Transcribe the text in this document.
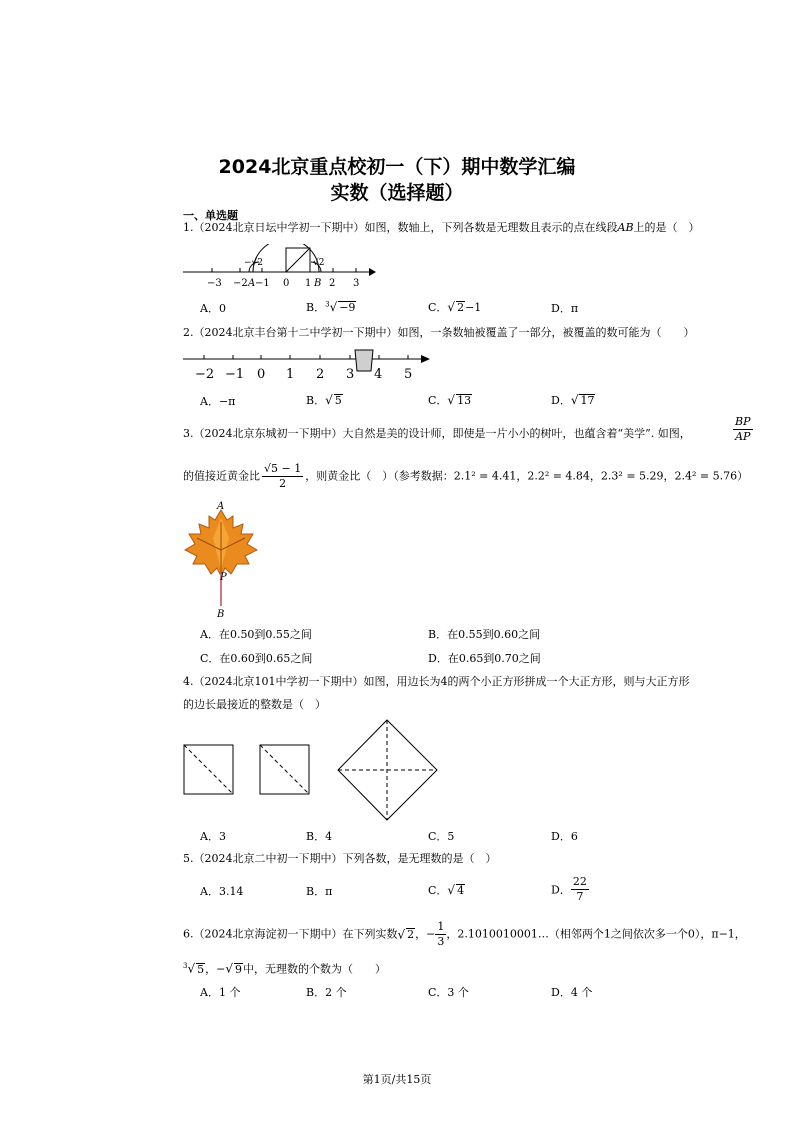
2024北京重点校初一（下）期中数学汇编
实数（选择题）
一、单选题
1.（2024北京日坛中学初一下期中）如图，数轴上，下列各数是无理数且表示的点在线段AB上的是（　）
−√2	√2
−3 −2 A −1 0 1 B 2 3
A．0	B．$^3$√ −9	C．√ 2−1	D．π
2.（2024北京丰台第十二中学初一下期中）如图，一条数轴被覆盖了一部分，被覆盖的数可能为（　　）
−2 −1 0 1 2 3 4 5
A．−π	B．√ 5	C．√ 13	D．√ 17
3.（2024北京东城初一下期中）大自然是美的设计师，即使是一片小小的树叶，也蕴含着“美学”. 如图，	$\frac{BP}{AP}$
的值接近黄金比 $\frac{√5 - 1}{2}$ ，则黄金比（　）（参考数据：2.1² = 4.41，2.2² = 4.84，2.3² = 5.29，2.4² = 5.76）
A
P
B
A．在0.50到0.55之间	B．在0.55到0.60之间
C．在0.60到0.65之间	D．在0.65到0.70之间
4.（2024北京101中学初一下期中）如图，用边长为4的两个小正方形拼成一个大正方形，则与大正方形
的边长最接近的整数是（　）
A．3	B．4	C．5	D．6
5.（2024北京二中初一下期中）下列各数，是无理数的是（　）
A．3.14	B．π	C．√ 4	D． $\frac{22}{7}$
6.（2024北京海淀初一下期中）在下列实数√ 2，− $\frac{1}{3}$ ，2.1010010001…（相邻两个1之间依次多一个0），π−1，
$^3$√ 5，−√ 9中，无理数的个数为（　　）
A．1 个	B．2 个	C．3 个	D．4 个
第1页/共15页
